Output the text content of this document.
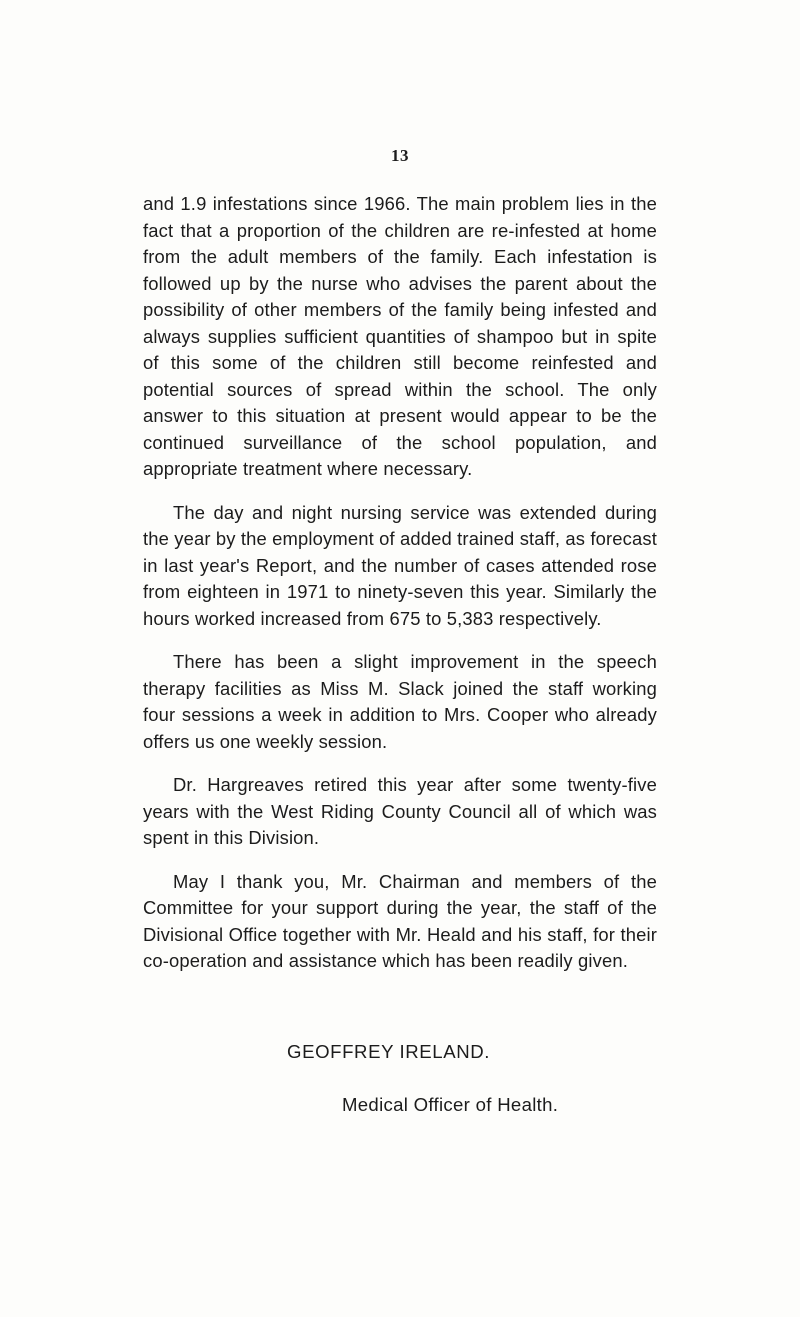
13

and 1.9 infestations since 1966. The main problem lies in the fact that a proportion of the children are re-infested at home from the adult members of the family. Each infestation is followed up by the nurse who advises the parent about the possibility of other members of the family being infested and always supplies sufficient quantities of shampoo but in spite of this some of the children still become reinfested and potential sources of spread within the school. The only answer to this situation at present would appear to be the continued surveillance of the school population, and appropriate treatment where necessary.

The day and night nursing service was extended during the year by the employment of added trained staff, as forecast in last year's Report, and the number of cases attended rose from eighteen in 1971 to ninety-seven this year. Similarly the hours worked increased from 675 to 5,383 respectively.

There has been a slight improvement in the speech therapy facilities as Miss M. Slack joined the staff working four sessions a week in addition to Mrs. Cooper who already offers us one weekly session.

Dr. Hargreaves retired this year after some twenty-five years with the West Riding County Council all of which was spent in this Division.

May I thank you, Mr. Chairman and members of the Committee for your support during the year, the staff of the Divisional Office together with Mr. Heald and his staff, for their co-operation and assistance which has been readily given.

GEOFFREY IRELAND.
Medical Officer of Health.
